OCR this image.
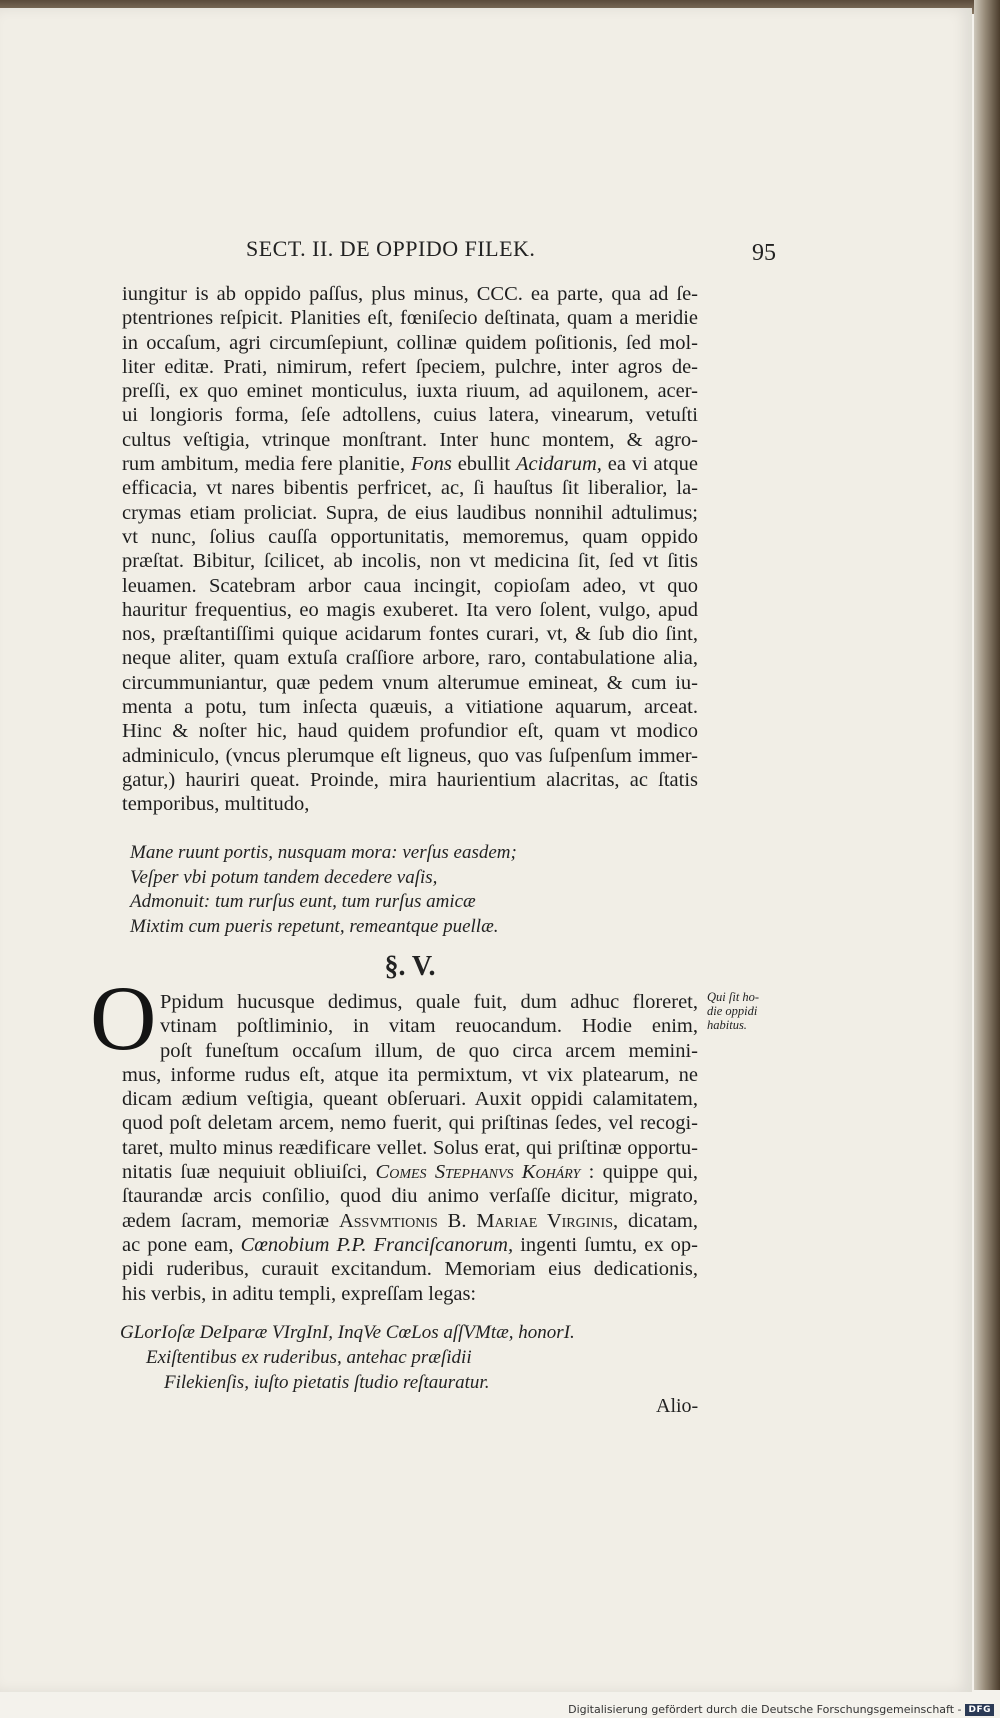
SECT. II. DE OPPIDO FILEK.	95
iungitur is ab oppido paſſus, plus minus, CCC. ea parte, qua ad ſe-
ptentriones reſpicit. Planities eſt, fœniſecio deſtinata, quam a meridie
in occaſum, agri circumſepiunt, collinæ quidem poſitionis, ſed mol-
liter editæ. Prati, nimirum, refert ſpeciem, pulchre, inter agros de-
preſſi, ex quo eminet monticulus, iuxta riuum, ad aquilonem, acer-
ui longioris forma, ſeſe adtollens, cuius latera, vinearum, vetuſti
cultus veſtigia, vtrinque monſtrant. Inter hunc montem, & agro-
rum ambitum, media fere planitie, Fons ebullit Acidarum, ea vi atque
efficacia, vt nares bibentis perfricet, ac, ſi hauſtus ſit liberalior, la-
crymas etiam proliciat. Supra, de eius laudibus nonnihil adtulimus;
vt nunc, ſolius cauſſa opportunitatis, memoremus, quam oppido
præſtat. Bibitur, ſcilicet, ab incolis, non vt medicina ſit, ſed vt ſitis
leuamen. Scatebram arbor caua incingit, copioſam adeo, vt quo
hauritur frequentius, eo magis exuberet. Ita vero ſolent, vulgo, apud
nos, præſtantiſſimi quique acidarum fontes curari, vt, & ſub dio ſint,
neque aliter, quam extuſa craſſiore arbore, raro, contabulatione alia,
circummuniantur, quæ pedem vnum alterumue emineat, & cum iu-
menta a potu, tum inſecta quæuis, a vitiatione aquarum, arceat.
Hinc & noſter hic, haud quidem profundior eſt, quam vt modico
adminiculo, (vncus plerumque eſt ligneus, quo vas ſuſpenſum immer-
gatur,) hauriri queat. Proinde, mira haurientium alacritas, ac ſtatis
temporibus, multitudo,
Mane ruunt portis, nusquam mora: verſus easdem;
Veſper vbi potum tandem decedere vaſis,
Admonuit: tum rurſus eunt, tum rurſus amicæ
Mixtim cum pueris repetunt, remeantque puellæ.
§. V.
O Ppidum hucusque dedimus, quale fuit, dum adhuc floreret,
vtinam poſtliminio, in vitam reuocandum. Hodie enim,
poſt funeſtum occaſum illum, de quo circa arcem memini-
mus, informe rudus eſt, atque ita permixtum, vt vix platearum, ne
dicam ædium veſtigia, queant obſeruari. Auxit oppidi calamitatem,
quod poſt deletam arcem, nemo fuerit, qui priſtinas ſedes, vel recogi-
taret, multo minus reædificare vellet. Solus erat, qui priſtinæ opportu-
nitatis ſuæ nequiuit obliuiſci, Comes Stephanvs Koháry : quippe qui,
ſtaurandæ arcis conſilio, quod diu animo verſaſſe dicitur, migrato,
ædem ſacram, memoriæ Assvmtionis B. Mariae Virginis, dicatam,
ac pone eam, Cœnobium P.P. Franciſcanorum, ingenti ſumtu, ex op-
pidi ruderibus, curauit excitandum. Memoriam eius dedicationis,
his verbis, in aditu templi, expreſſam legas:
Qui ſit ho-
die oppidi
habitus.
GLorIoſæ DeIparæ VIrgInI, InqVe CœLos aſſVMtæ, honorI.
Exiſtentibus ex ruderibus, antehac præſidii
Filekienſis, iuſto pietatis ſtudio reſtauratur.
Alio-
Digitalisierung gefördert durch die Deutsche Forschungsgemeinschaft - DFG
